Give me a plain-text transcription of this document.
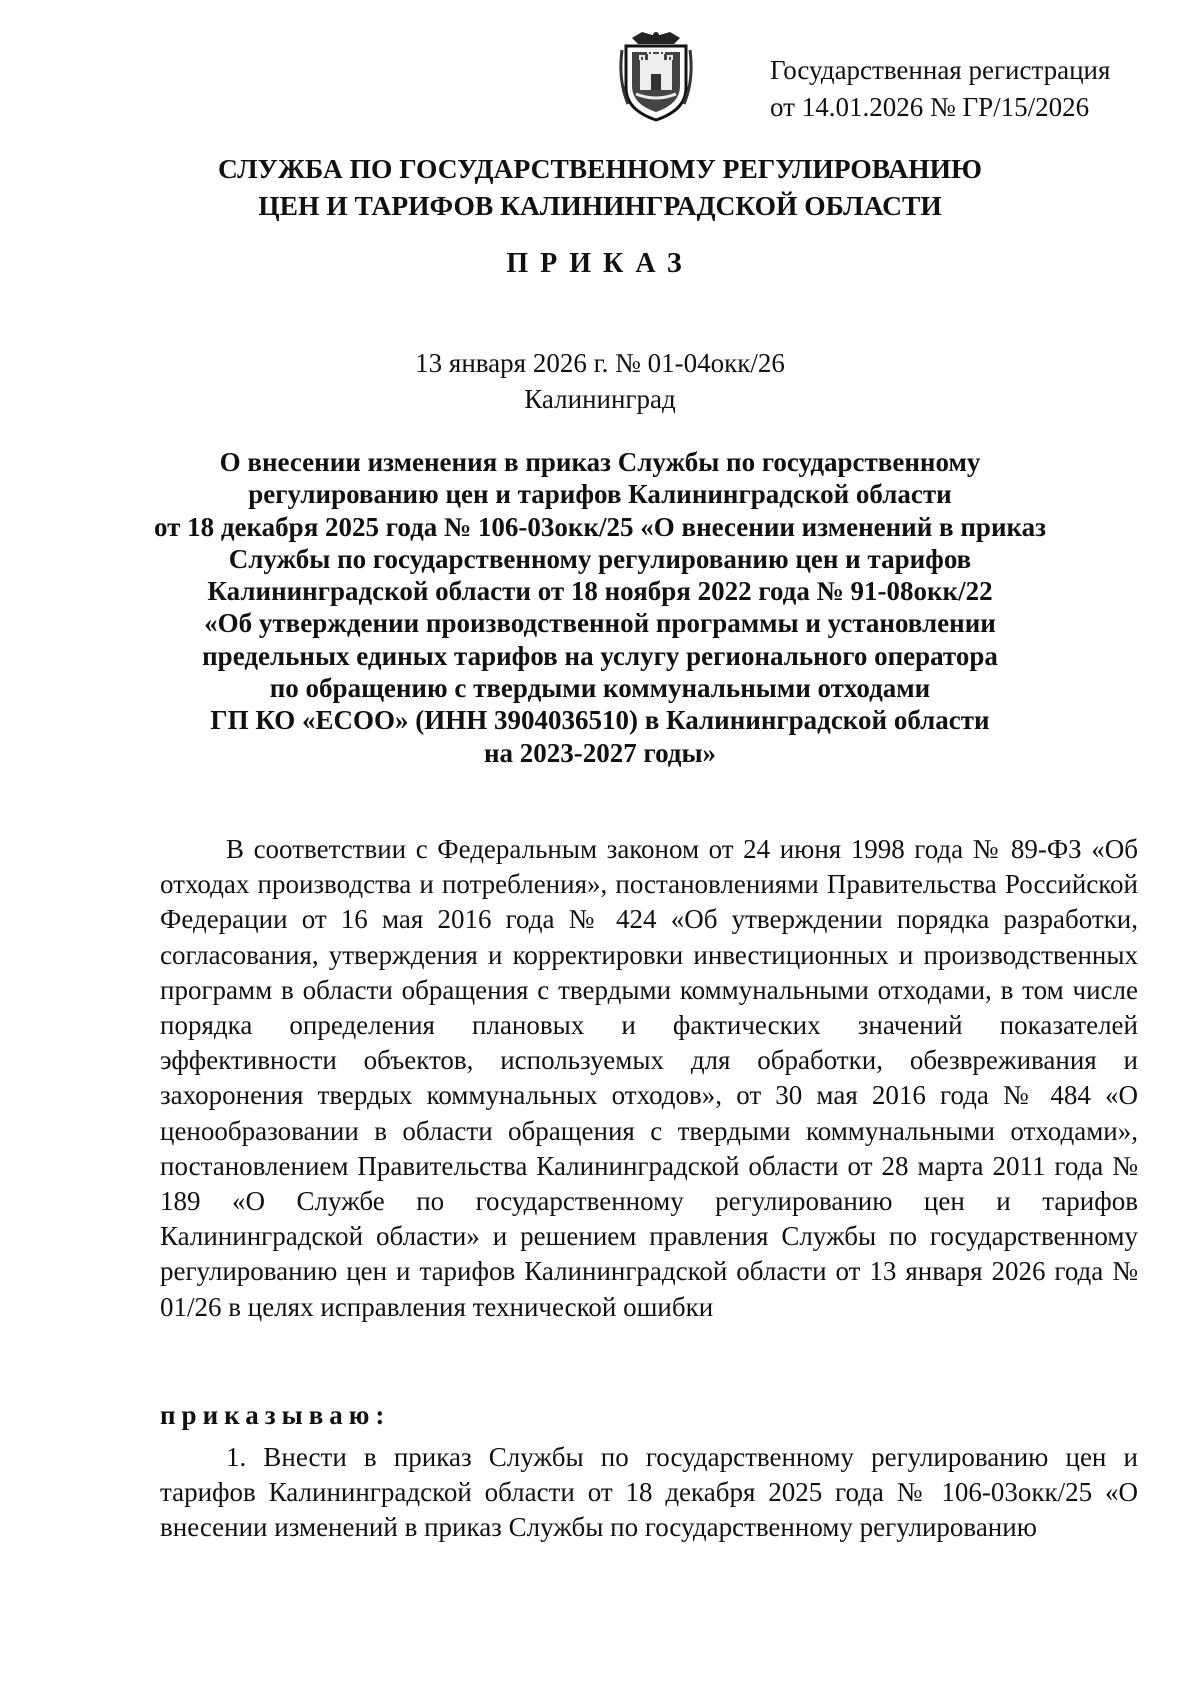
Государственная регистрация
от 14.01.2026 № ГР/15/2026
СЛУЖБА ПО ГОСУДАРСТВЕННОМУ РЕГУЛИРОВАНИЮ
ЦЕН И ТАРИФОВ КАЛИНИНГРАДСКОЙ ОБЛАСТИ
ПРИКАЗ
13 января 2026 г. № 01-04окк/26
Калининград
О внесении изменения в приказ Службы по государственному
регулированию цен и тарифов Калининградской области
от 18 декабря 2025 года № 106-03окк/25 «О внесении изменений в приказ
Службы по государственному регулированию цен и тарифов
Калининградской области от 18 ноября 2022 года № 91-08окк/22
«Об утверждении производственной программы и установлении
предельных единых тарифов на услугу регионального оператора
по обращению с твердыми коммунальными отходами
ГП КО «ЕСОО» (ИНН 3904036510) в Калининградской области
на 2023-2027 годы»

В соответствии с Федеральным законом от 24 июня 1998 года № 89-ФЗ «Об отходах производства и потребления», постановлениями Правительства Российской Федерации от 16 мая 2016 года № 424 «Об утверждении порядка разработки, согласования, утверждения и корректировки инвестиционных и производственных программ в области обращения с твердыми коммунальными отходами, в том числе порядка определения плановых и фактических значений показателей эффективности объектов, используемых для обработки, обезвреживания и захоронения твердых коммунальных отходов», от 30 мая 2016 года № 484 «О ценообразовании в области обращения с твердыми коммунальными отходами», постановлением Правительства Калининградской области от 28 марта 2011 года № 189 «О Службе по государственному регулированию цен и тарифов Калининградской области» и решением правления Службы по государственному регулированию цен и тарифов Калининградской области от 13 января 2026 года № 01/26 в целях исправления технической ошибки

приказываю:

1. Внести в приказ Службы по государственному регулированию цен и тарифов Калининградской области от 18 декабря 2025 года № 106-03окк/25 «О внесении изменений в приказ Службы по государственному регулированию
